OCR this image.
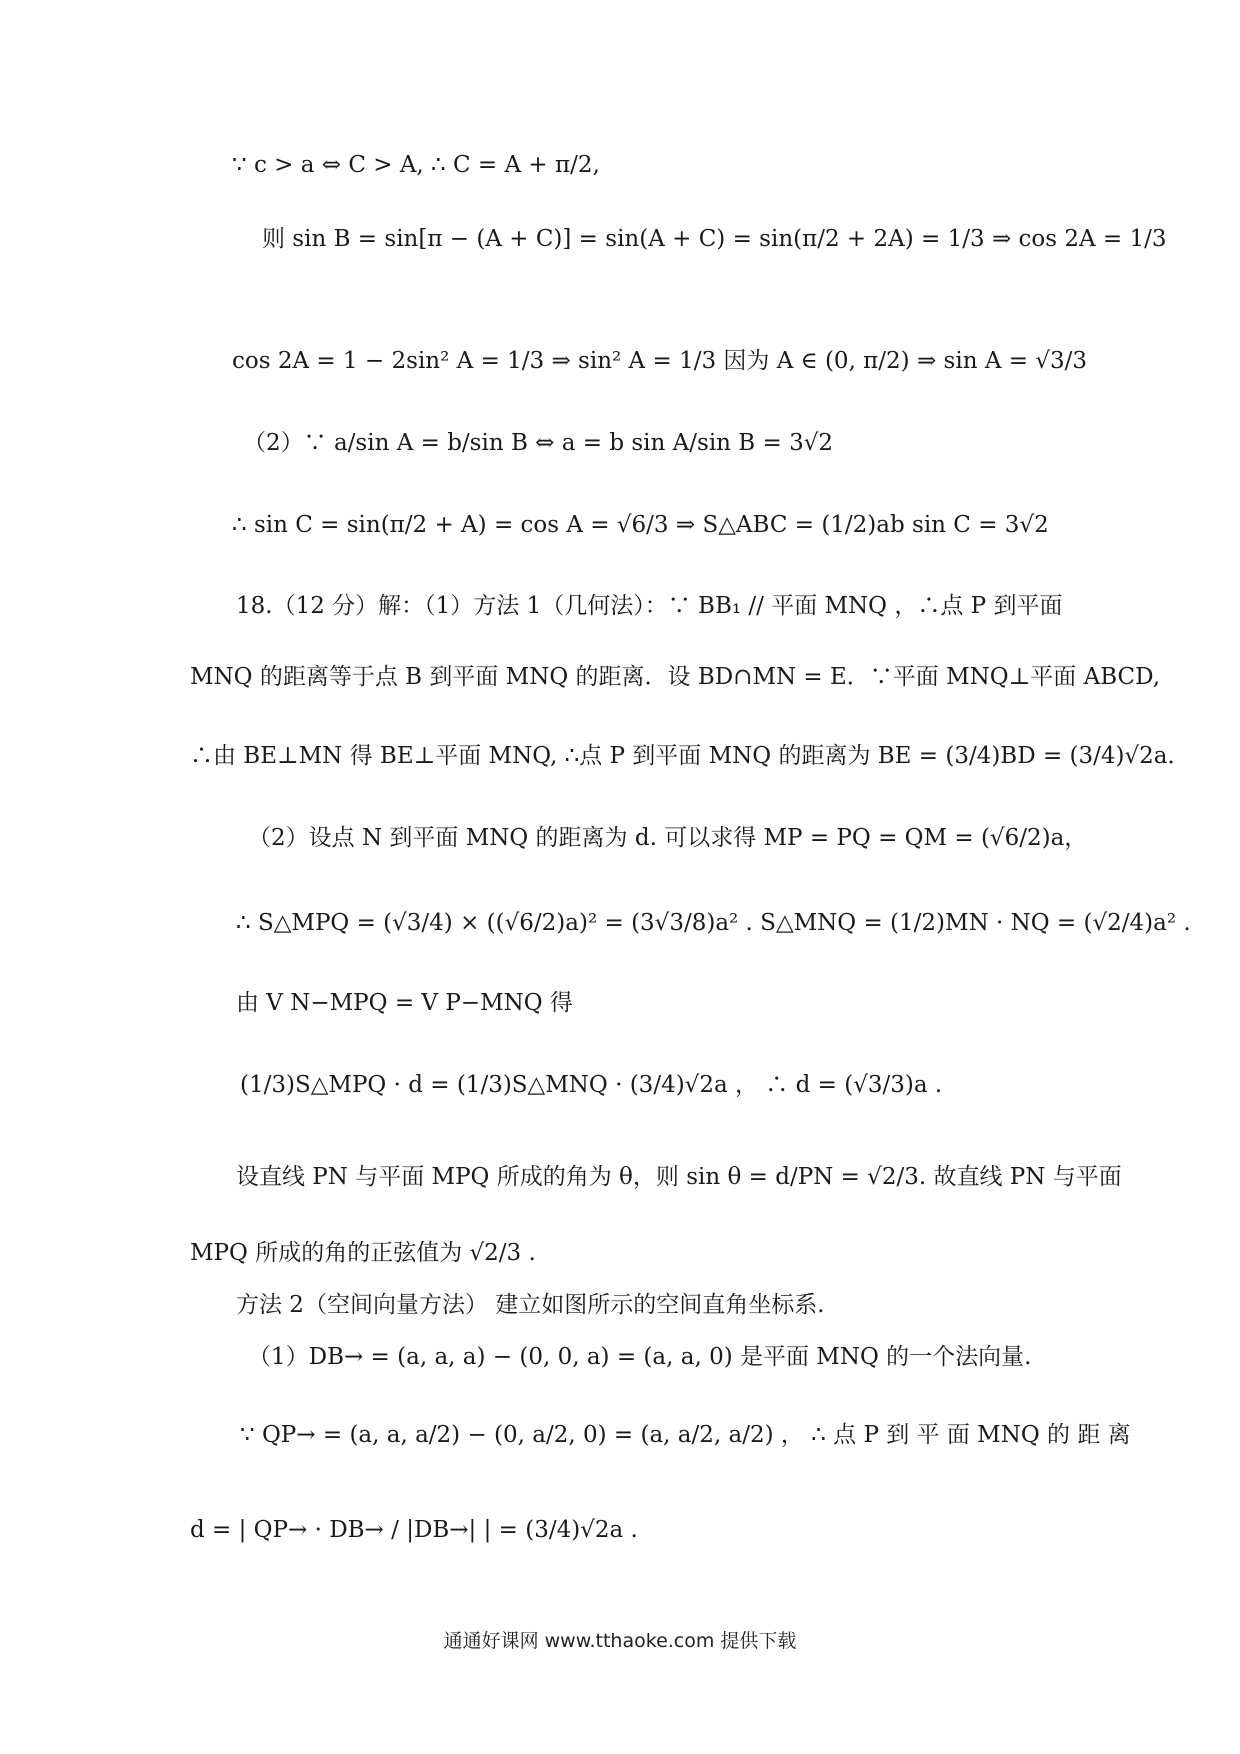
∵ c > a ⇔ C > A, ∴ C = A + π/2,
则 sin B = sin[π − (A + C)] = sin(A + C) = sin(π/2 + 2A) = 1/3 ⇒ cos 2A = 1/3
cos 2A = 1 − 2sin² A = 1/3 ⇒ sin² A = 1/3 因为 A ∈ (0, π/2) ⇒ sin A = √3/3
（2）∵ a/sin A = b/sin B ⇔ a = b sin A/sin B = 3√2
∴ sin C = sin(π/2 + A) = cos A = √6/3 ⇒ S△ABC = (1/2)ab sin C = 3√2
18.（12 分）解：（1）方法 1（几何法）：∵ BB₁ // 平面 MNQ ，∴点 P 到平面
MNQ 的距离等于点 B 到平面 MNQ 的距离．设 BD∩MN = E．∵平面 MNQ⊥平面 ABCD,
∴由 BE⊥MN 得 BE⊥平面 MNQ, ∴点 P 到平面 MNQ 的距离为 BE = (3/4)BD = (3/4)√2a．
（2）设点 N 到平面 MNQ 的距离为 d. 可以求得 MP = PQ = QM = (√6/2)a，
∴ S△MPQ = (√3/4) × ((√6/2)a)² = (3√3/8)a² . S△MNQ = (1/2)MN · NQ = (√2/4)a² .
由 V N−MPQ = V P−MNQ 得
(1/3)S△MPQ · d = (1/3)S△MNQ · (3/4)√2a ， ∴ d = (√3/3)a .
设直线 PN 与平面 MPQ 所成的角为 θ，则 sin θ = d/PN = √2/3. 故直线 PN 与平面
MPQ 所成的角的正弦值为 √2/3 .
方法 2（空间向量方法） 建立如图所示的空间直角坐标系.
（1）DB→ = (a, a, a) − (0, 0, a) = (a, a, 0) 是平面 MNQ 的一个法向量.
∵ QP→ = (a, a, a/2) − (0, a/2, 0) = (a, a/2, a/2) ， ∴ 点 P 到 平 面 MNQ 的 距 离
d = | QP→ · DB→ / |DB→| | = (3/4)√2a .
通通好课网 www.tthaoke.com 提供下载
